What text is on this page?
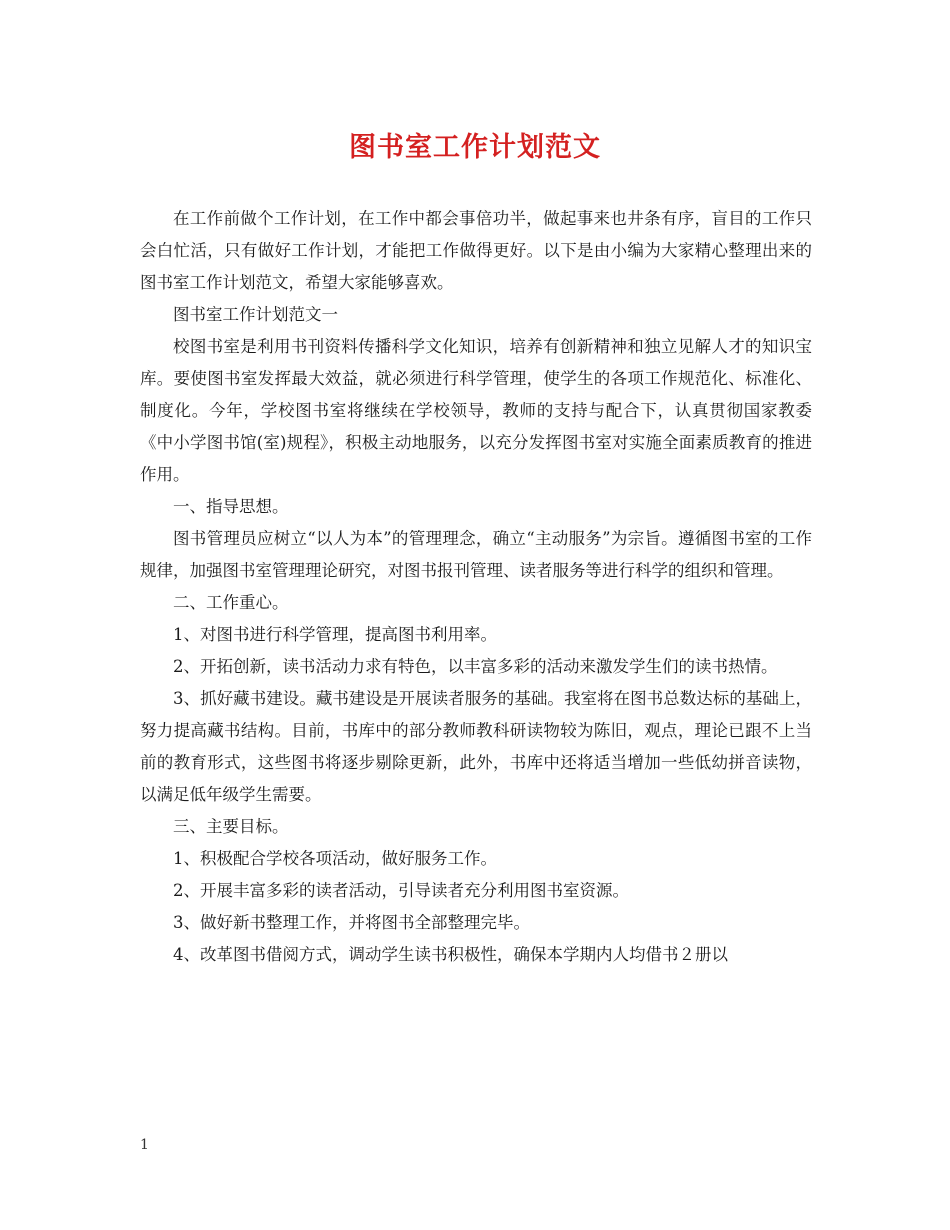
图书室工作计划范文

在工作前做个工作计划，在工作中都会事倍功半，做起事来也井条有序，盲目的工作只会白忙活，只有做好工作计划，才能把工作做得更好。以下是由小编为大家精心整理出来的图书室工作计划范文，希望大家能够喜欢。

图书室工作计划范文一

校图书室是利用书刊资料传播科学文化知识，培养有创新精神和独立见解人才的知识宝库。要使图书室发挥最大效益，就必须进行科学管理，使学生的各项工作规范化、标准化、制度化。今年，学校图书室将继续在学校领导，教师的支持与配合下，认真贯彻国家教委《中小学图书馆(室)规程》，积极主动地服务，以充分发挥图书室对实施全面素质教育的推进作用。

一、指导思想。

图书管理员应树立“以人为本”的管理理念，确立“主动服务”为宗旨。遵循图书室的工作规律，加强图书室管理理论研究，对图书报刊管理、读者服务等进行科学的组织和管理。

二、工作重心。

1、对图书进行科学管理，提高图书利用率。

2、开拓创新，读书活动力求有特色，以丰富多彩的活动来激发学生们的读书热情。

3、抓好藏书建设。藏书建设是开展读者服务的基础。我室将在图书总数达标的基础上，努力提高藏书结构。目前，书库中的部分教师教科研读物较为陈旧，观点，理论已跟不上当前的教育形式，这些图书将逐步剔除更新，此外，书库中还将适当增加一些低幼拼音读物，以满足低年级学生需要。

三、主要目标。

1、积极配合学校各项活动，做好服务工作。

2、开展丰富多彩的读者活动，引导读者充分利用图书室资源。

3、做好新书整理工作，并将图书全部整理完毕。

4、改革图书借阅方式，调动学生读书积极性，确保本学期内人均借书２册以

1
